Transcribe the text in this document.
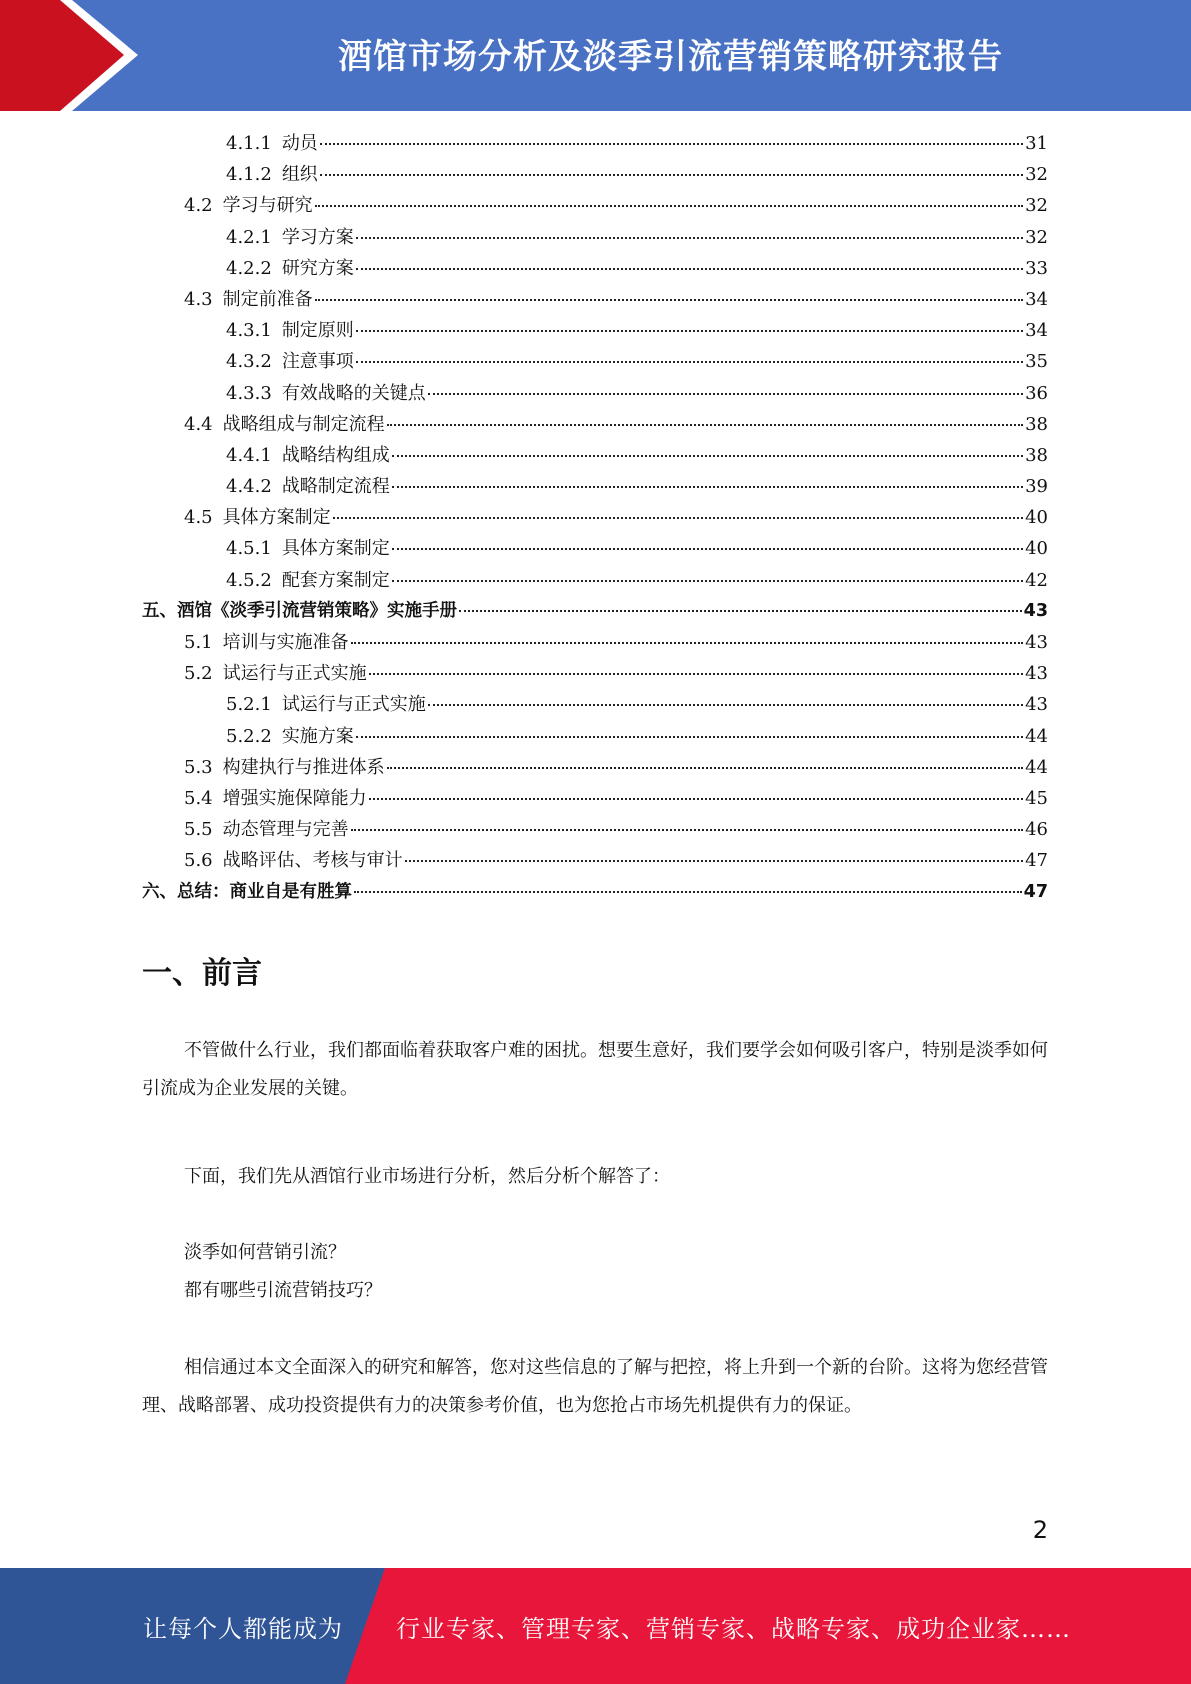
酒馆市场分析及淡季引流营销策略研究报告
4.1.1 动员	31
4.1.2 组织	32
4.2 学习与研究	32
4.2.1 学习方案	32
4.2.2 研究方案	33
4.3 制定前准备	34
4.3.1 制定原则	34
4.3.2 注意事项	35
4.3.3 有效战略的关键点	36
4.4 战略组成与制定流程	38
4.4.1 战略结构组成	38
4.4.2 战略制定流程	39
4.5 具体方案制定	40
4.5.1 具体方案制定	40
4.5.2 配套方案制定	42
五、酒馆《淡季引流营销策略》实施手册	43
5.1 培训与实施准备	43
5.2 试运行与正式实施	43
5.2.1 试运行与正式实施	43
5.2.2 实施方案	44
5.3 构建执行与推进体系	44
5.4 增强实施保障能力	45
5.5 动态管理与完善	46
5.6 战略评估、考核与审计	47
六、总结：商业自是有胜算	47
一、前言
不管做什么行业，我们都面临着获取客户难的困扰。想要生意好，我们要学会如何吸引客户，特别是淡季如何引流成为企业发展的关键。
下面，我们先从酒馆行业市场进行分析，然后分析个解答了：
淡季如何营销引流？
都有哪些引流营销技巧？
相信通过本文全面深入的研究和解答，您对这些信息的了解与把控，将上升到一个新的台阶。这将为您经营管理、战略部署、成功投资提供有力的决策参考价值，也为您抢占市场先机提供有力的保证。
2
让每个人都能成为 行业专家、管理专家、营销专家、战略专家、成功企业家……
